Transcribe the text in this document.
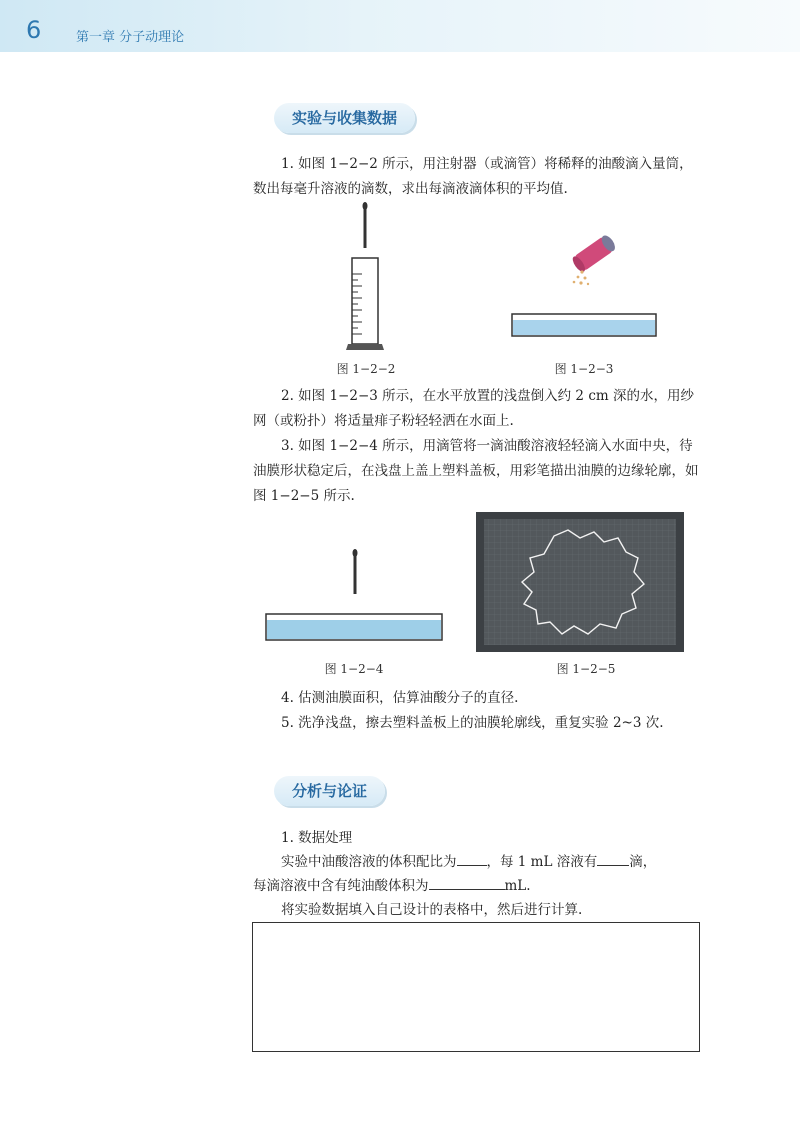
6	第一章 分子动理论
实验与收集数据

1. 如图 1−2−2 所示，用注射器（或滴管）将稀释的油酸滴入量筒，数出每毫升溶液的滴数，求出每滴液滴体积的平均值.

图 1−2−2	图 1−2−3

2. 如图 1−2−3 所示，在水平放置的浅盘倒入约 2 cm 深的水，用纱网（或粉扑）将适量痱子粉轻轻洒在水面上.

3. 如图 1−2−4 所示，用滴管将一滴油酸溶液轻轻滴入水面中央，待油膜形状稳定后，在浅盘上盖上塑料盖板，用彩笔描出油膜的边缘轮廓，如图 1−2−5 所示.

图 1−2−4	图 1−2−5

4. 估测油膜面积，估算油酸分子的直径.

5. 洗净浅盘，擦去塑料盖板上的油膜轮廓线，重复实验 2~3 次.

分析与论证

1. 数据处理

实验中油酸溶液的体积配比为 ，每 1 mL 溶液有 滴，

每滴溶液中含有纯油酸体积为	mL.

将实验数据填入自己设计的表格中，然后进行计算.
